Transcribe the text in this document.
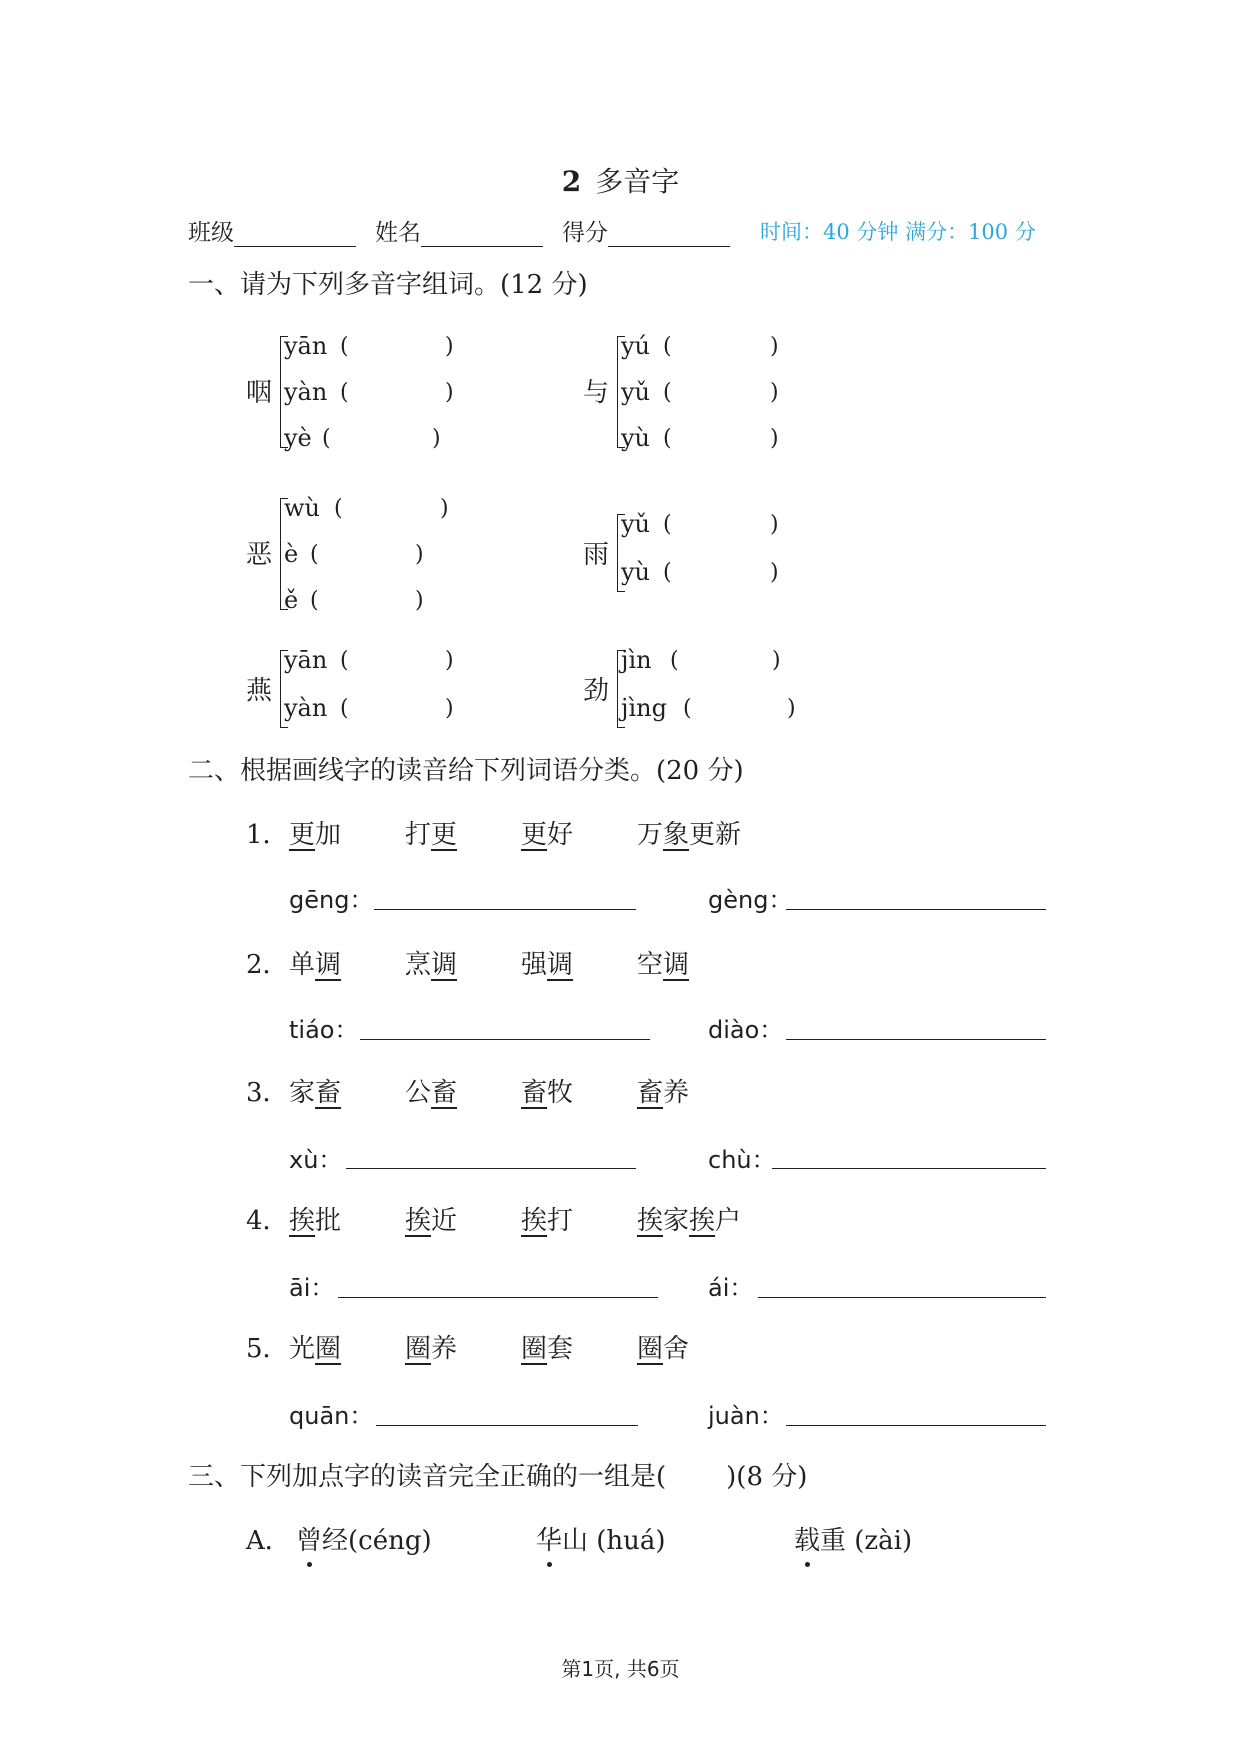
2 多音字
班级	姓名	得分	时间：40 分钟 满分：100 分
一、请为下列多音字组词。(12 分)
咽
yān (	)
yàn (	)
yè (	)
与
yú (	)
yǔ (	)
yù (	)
恶
wù (	)
è (	)
ě (	)
雨
yǔ (	)
yù (	)
燕
yān (	)
yàn (	)
劲
jìn (	)
jìng (	)
二、根据画线字的读音给下列词语分类。(20 分)
1． 更加 打更 更好 万象更新
gēng：	gèng：
2． 单调 烹调 强调 空调
tiáo：	diào：
3． 家畜 公畜 畜牧 畜养
xù：	chù：
4． 挨批 挨近 挨打 挨家挨户
āi：	ái：
5． 光圈 圈养 圈套 圈舍
quān：	juàn：
三、下列加点字的读音完全正确的一组是( )(8 分)
A． 曾经(céng)	华山 (huá)	载重 (zài)
第1页, 共6页
